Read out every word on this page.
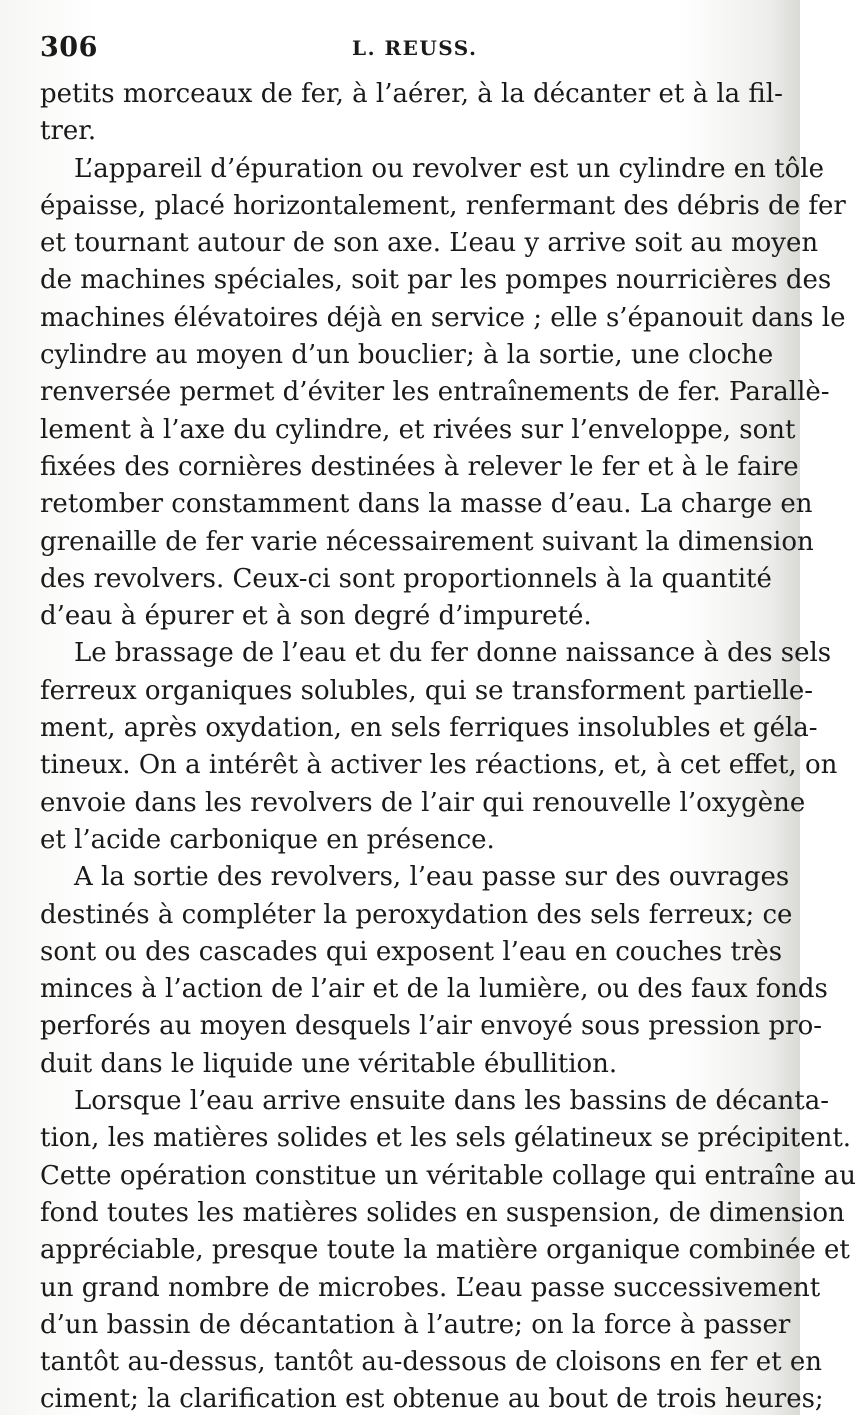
306	L. REUSS.
petits morceaux de fer, à l’aérer, à la décanter et à la fil-
trer.
L’appareil d’épuration ou revolver est un cylindre en tôle
épaisse, placé horizontalement, renfermant des débris de fer
et tournant autour de son axe. L’eau y arrive soit au moyen
de machines spéciales, soit par les pompes nourricières des
machines élévatoires déjà en service ; elle s’épanouit dans le
cylindre au moyen d’un bouclier; à la sortie, une cloche
renversée permet d’éviter les entraînements de fer. Parallè-
lement à l’axe du cylindre, et rivées sur l’enveloppe, sont
fixées des cornières destinées à relever le fer et à le faire
retomber constamment dans la masse d’eau. La charge en
grenaille de fer varie nécessairement suivant la dimension
des revolvers. Ceux-ci sont proportionnels à la quantité
d’eau à épurer et à son degré d’impureté.
Le brassage de l’eau et du fer donne naissance à des sels
ferreux organiques solubles, qui se transforment partielle-
ment, après oxydation, en sels ferriques insolubles et géla-
tineux. On a intérêt à activer les réactions, et, à cet effet, on
envoie dans les revolvers de l’air qui renouvelle l’oxygène
et l’acide carbonique en présence.
A la sortie des revolvers, l’eau passe sur des ouvrages
destinés à compléter la peroxydation des sels ferreux; ce
sont ou des cascades qui exposent l’eau en couches très
minces à l’action de l’air et de la lumière, ou des faux fonds
perforés au moyen desquels l’air envoyé sous pression pro-
duit dans le liquide une véritable ébullition.
Lorsque l’eau arrive ensuite dans les bassins de décanta-
tion, les matières solides et les sels gélatineux se précipitent.
Cette opération constitue un véritable collage qui entraîne au
fond toutes les matières solides en suspension, de dimension
appréciable, presque toute la matière organique combinée et
un grand nombre de microbes. L’eau passe successivement
d’un bassin de décantation à l’autre; on la force à passer
tantôt au-dessus, tantôt au-dessous de cloisons en fer et en
ciment; la clarification est obtenue au bout de trois heures;
